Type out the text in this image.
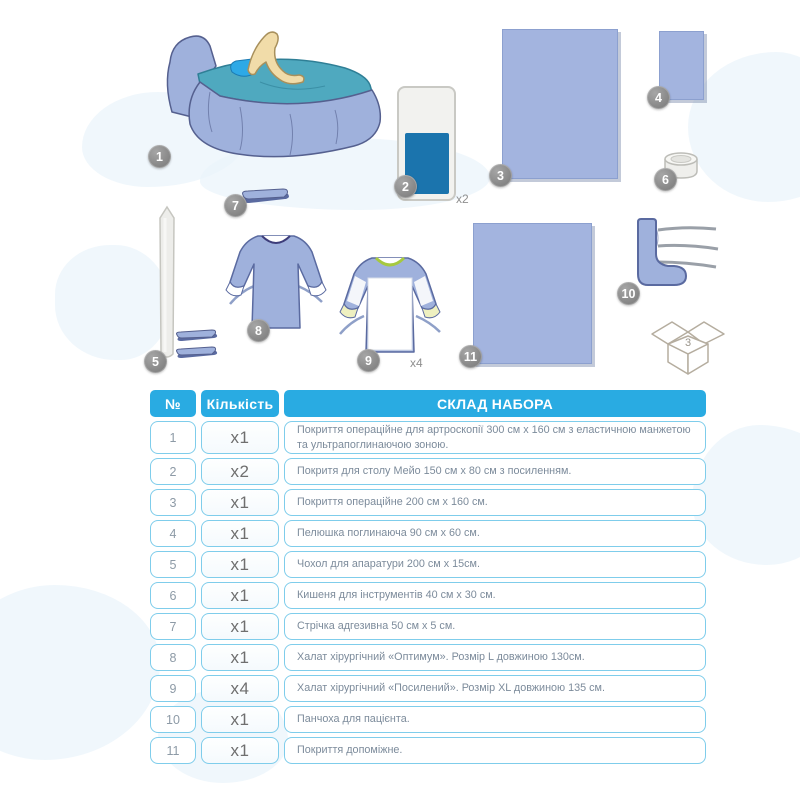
3
1
2
3
4
5
6
7
8
9
10
11
x2
x4
№	Кількість	СКЛАД НАБОРА
1	x1	Покриття операційне для артроскопії 300 см х 160 см з еластичною манжетою та ультрапоглинаючою зоною.
2	x2	Покритя для столу Мейо 150 см х 80 см з посиленням.
3	x1	Покриття операційне 200 см х 160 см.
4	x1	Пелюшка поглинаюча 90 см х 60 см.
5	x1	Чохол для апаратури 200 см х 15см.
6	x1	Кишеня для інструментів 40 см х 30 см.
7	x1	Стрічка адгезивна 50 см х 5 см.
8	x1	Халат хірургічний «Оптимум». Розмір L довжиною 130см.
9	x4	Халат хірургічний «Посилений». Розмір XL довжиною 135 см.
10	x1	Панчоха для пацієнта.
11	x1	Покриття допоміжне.
